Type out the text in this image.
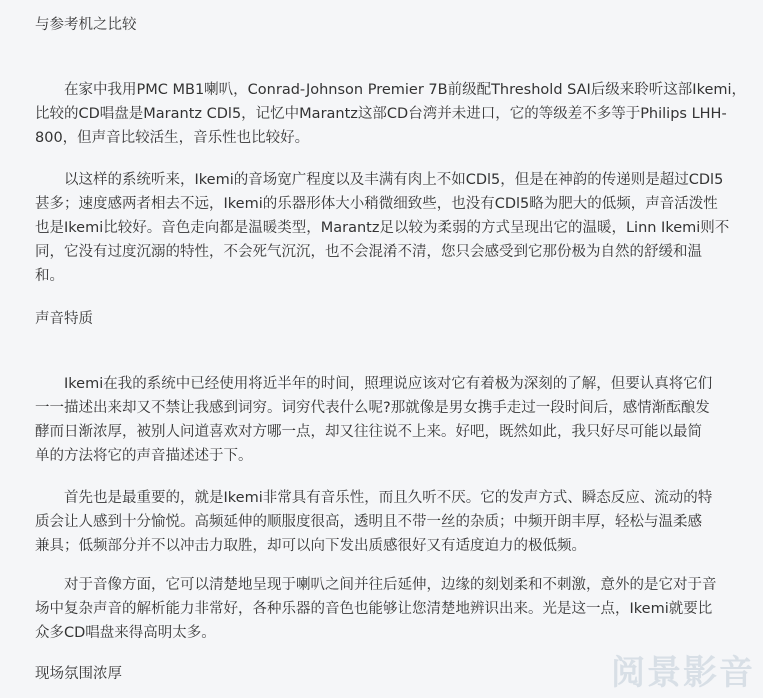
与参考机之比较
　　在家中我用PMC MB1喇叭，Conrad-Johnson Premier 7B前级配Threshold SAI后级来聆听这部Ikemi，
比较的CD唱盘是Marantz CDl5，记忆中Marantz这部CD台湾并未进口，它的等级差不多等于Philips LHH-
800，但声音比较活生，音乐性也比较好。
　　以这样的系统听来，Ikemi的音场宽广程度以及丰满有肉上不如CDl5，但是在神韵的传递则是超过CDl5
甚多；速度感两者相去不远，Ikemi的乐器形体大小稍微细致些，也没有CDl5略为肥大的低频，声音活泼性
也是Ikemi比较好。音色走向都是温暖类型，Marantz足以较为柔弱的方式呈现出它的温暖，Linn Ikemi则不
同，它没有过度沉溺的特性，不会死气沉沉，也不会混淆不清，您只会感受到它那份极为自然的舒缓和温
和。
声音特质
　　Ikemi在我的系统中已经使用将近半年的时间，照理说应该对它有着极为深刻的了解，但要认真将它们
一一描述出来却又不禁让我感到词穷。词穷代表什么呢?那就像是男女携手走过一段时间后，感情渐酝酿发
酵而日渐浓厚，被别人问道喜欢对方哪一点，却又往往说不上来。好吧，既然如此，我只好尽可能以最简
单的方法将它的声音描述述于下。
　　首先也是最重要的，就是Ikemi非常具有音乐性，而且久听不厌。它的发声方式、瞬态反应、流动的特
质会让人感到十分愉悦。高频延伸的顺服度很高，透明且不带一丝的杂质；中频开朗丰厚，轻松与温柔感
兼具；低频部分并不以冲击力取胜，却可以向下发出质感很好又有适度迫力的极低频。
　　对于音像方面，它可以清楚地呈现于喇叭之间并往后延伸，边缘的刻划柔和不刺激，意外的是它对于音
场中复杂声音的解析能力非常好，各种乐器的音色也能够让您清楚地辨识出来。光是这一点，Ikemi就要比
众多CD唱盘来得高明太多。
现场氛围浓厚	阅景影音
